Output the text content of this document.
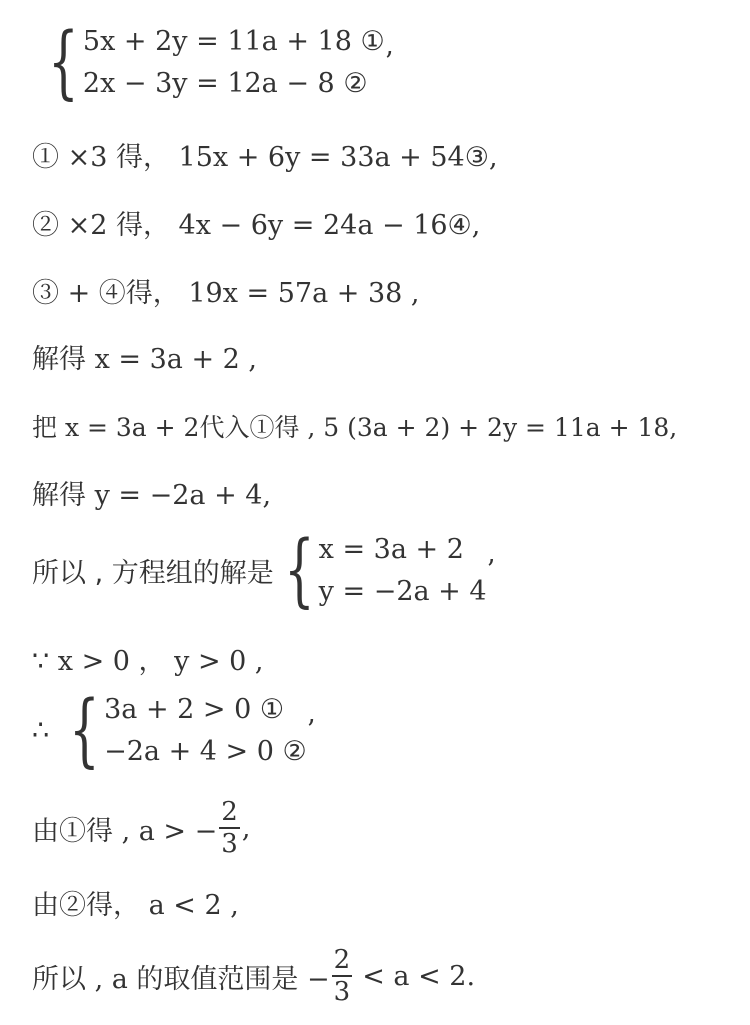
{ 5x + 2y = 11a + 18 ①
2x − 3y = 12a − 8 ②
’
① ×3 得， 15x + 6y = 33a + 54③,
② ×2 得， 4x − 6y = 24a − 16④,
③ + ④得， 19x = 57a + 38 ,
解得 x = 3a + 2 ,
把 x = 3a + 2代入①得 , 5 (3a + 2) + 2y = 11a + 18,
解得 y = −2a + 4,
所以 , 方程组的解是 { x = 3a + 2
y = −2a + 4
’
∵ x > 0 ， y > 0 ,
∴ { 3a + 2 > 0 ①
−2a + 4 > 0 ②
’
由①得 , a > − $\frac{2}{3}$ ,
由②得， a < 2 ,
所以 , a 的取值范围是 − $\frac{2}{3} < a < 2$.
